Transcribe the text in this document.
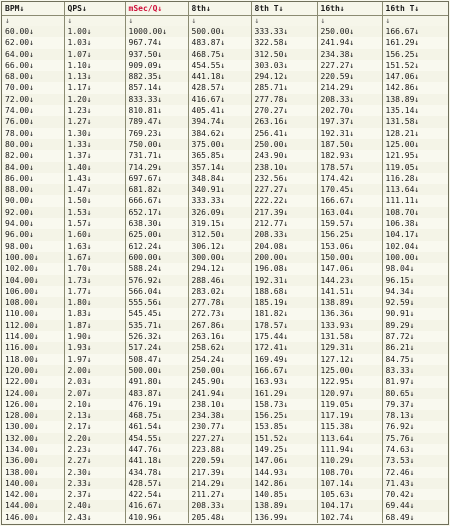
BPM↓	QPS↓	mSec/Q↓	8th↓	8th T↓	16th↓	16th T↓
↓	↓	↓	↓	↓	↓	↓
60.00↓	1.00↓	1000.00↓	500.00↓	333.33↓	250.00↓	166.67↓
62.00↓	1.03↓	967.74↓	483.87↓	322.58↓	241.94↓	161.29↓
64.00↓	1.07↓	937.50↓	468.75↓	312.50↓	234.38↓	156.25↓
66.00↓	1.10↓	909.09↓	454.55↓	303.03↓	227.27↓	151.52↓
68.00↓	1.13↓	882.35↓	441.18↓	294.12↓	220.59↓	147.06↓
70.00↓	1.17↓	857.14↓	428.57↓	285.71↓	214.29↓	142.86↓
72.00↓	1.20↓	833.33↓	416.67↓	277.78↓	208.33↓	138.89↓
74.00↓	1.23↓	810.81↓	405.41↓	270.27↓	202.70↓	135.14↓
76.00↓	1.27↓	789.47↓	394.74↓	263.16↓	197.37↓	131.58↓
78.00↓	1.30↓	769.23↓	384.62↓	256.41↓	192.31↓	128.21↓
80.00↓	1.33↓	750.00↓	375.00↓	250.00↓	187.50↓	125.00↓
82.00↓	1.37↓	731.71↓	365.85↓	243.90↓	182.93↓	121.95↓
84.00↓	1.40↓	714.29↓	357.14↓	238.10↓	178.57↓	119.05↓
86.00↓	1.43↓	697.67↓	348.84↓	232.56↓	174.42↓	116.28↓
88.00↓	1.47↓	681.82↓	340.91↓	227.27↓	170.45↓	113.64↓
90.00↓	1.50↓	666.67↓	333.33↓	222.22↓	166.67↓	111.11↓
92.00↓	1.53↓	652.17↓	326.09↓	217.39↓	163.04↓	108.70↓
94.00↓	1.57↓	638.30↓	319.15↓	212.77↓	159.57↓	106.38↓
96.00↓	1.60↓	625.00↓	312.50↓	208.33↓	156.25↓	104.17↓
98.00↓	1.63↓	612.24↓	306.12↓	204.08↓	153.06↓	102.04↓
100.00↓	1.67↓	600.00↓	300.00↓	200.00↓	150.00↓	100.00↓
102.00↓	1.70↓	588.24↓	294.12↓	196.08↓	147.06↓	98.04↓
104.00↓	1.73↓	576.92↓	288.46↓	192.31↓	144.23↓	96.15↓
106.00↓	1.77↓	566.04↓	283.02↓	188.68↓	141.51↓	94.34↓
108.00↓	1.80↓	555.56↓	277.78↓	185.19↓	138.89↓	92.59↓
110.00↓	1.83↓	545.45↓	272.73↓	181.82↓	136.36↓	90.91↓
112.00↓	1.87↓	535.71↓	267.86↓	178.57↓	133.93↓	89.29↓
114.00↓	1.90↓	526.32↓	263.16↓	175.44↓	131.58↓	87.72↓
116.00↓	1.93↓	517.24↓	258.62↓	172.41↓	129.31↓	86.21↓
118.00↓	1.97↓	508.47↓	254.24↓	169.49↓	127.12↓	84.75↓
120.00↓	2.00↓	500.00↓	250.00↓	166.67↓	125.00↓	83.33↓
122.00↓	2.03↓	491.80↓	245.90↓	163.93↓	122.95↓	81.97↓
124.00↓	2.07↓	483.87↓	241.94↓	161.29↓	120.97↓	80.65↓
126.00↓	2.10↓	476.19↓	238.10↓	158.73↓	119.05↓	79.37↓
128.00↓	2.13↓	468.75↓	234.38↓	156.25↓	117.19↓	78.13↓
130.00↓	2.17↓	461.54↓	230.77↓	153.85↓	115.38↓	76.92↓
132.00↓	2.20↓	454.55↓	227.27↓	151.52↓	113.64↓	75.76↓
134.00↓	2.23↓	447.76↓	223.88↓	149.25↓	111.94↓	74.63↓
136.00↓	2.27↓	441.18↓	220.59↓	147.06↓	110.29↓	73.53↓
138.00↓	2.30↓	434.78↓	217.39↓	144.93↓	108.70↓	72.46↓
140.00↓	2.33↓	428.57↓	214.29↓	142.86↓	107.14↓	71.43↓
142.00↓	2.37↓	422.54↓	211.27↓	140.85↓	105.63↓	70.42↓
144.00↓	2.40↓	416.67↓	208.33↓	138.89↓	104.17↓	69.44↓
146.00↓	2.43↓	410.96↓	205.48↓	136.99↓	102.74↓	68.49↓
